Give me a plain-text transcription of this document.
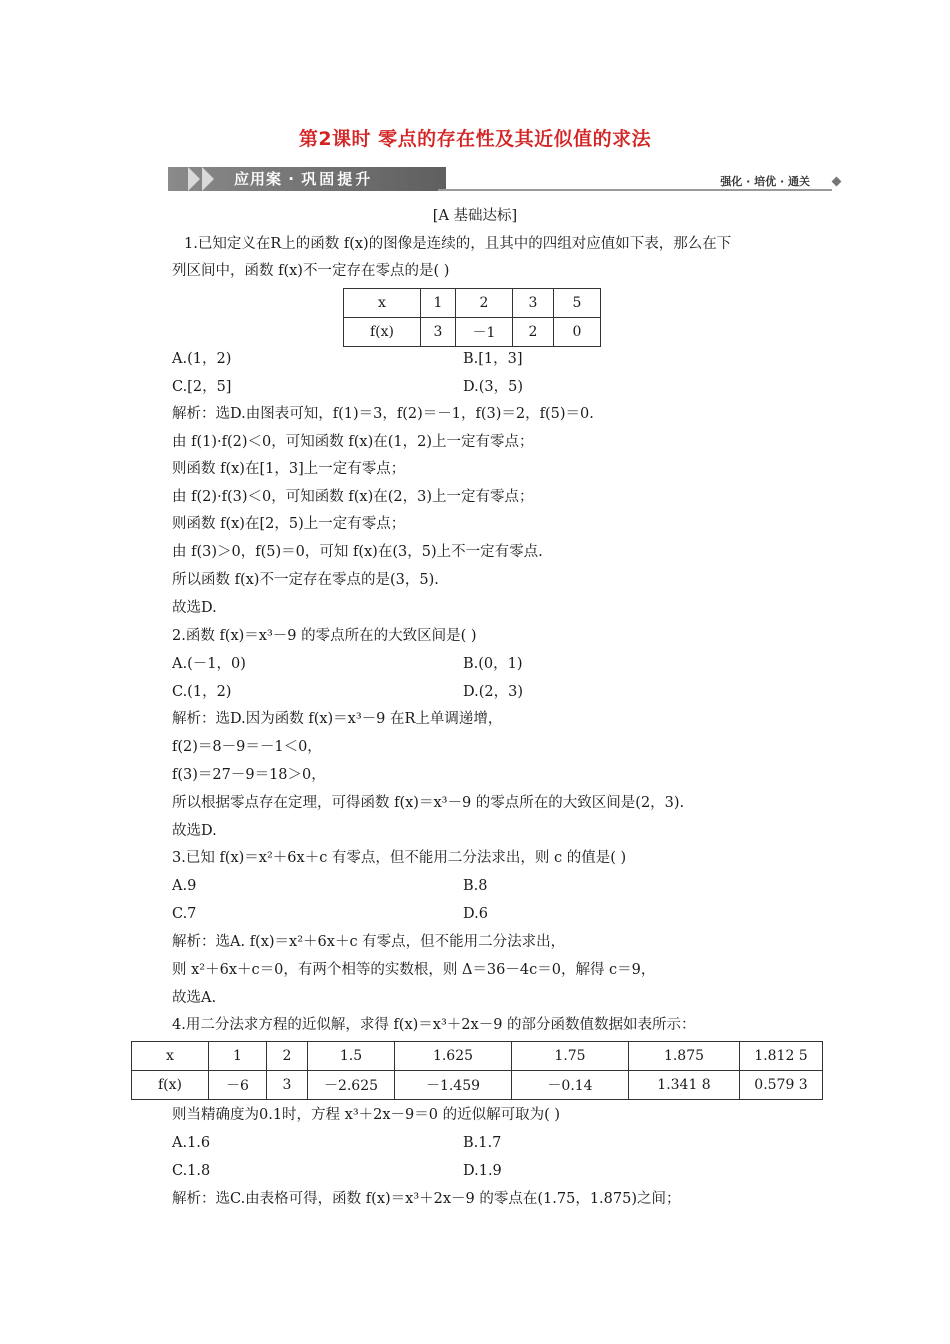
第2课时 零点的存在性及其近似值的求法
应用案 · 巩固提升	强化 · 培优 · 通关
[A 基础达标]
1.已知定义在R上的函数 f(x)的图像是连续的，且其中的四组对应值如下表，那么在下
列区间中，函数 f(x)不一定存在零点的是( )
x	1	2	3	5
f(x)	3	－1	2	0
A.(1，2)	B.[1，3]
C.[2，5]	D.(3，5)
解析：选D.由图表可知，f(1)＝3，f(2)＝－1，f(3)＝2，f(5)＝0.
由 f(1)·f(2)＜0，可知函数 f(x)在(1，2)上一定有零点；
则函数 f(x)在[1，3]上一定有零点；
由 f(2)·f(3)＜0，可知函数 f(x)在(2，3)上一定有零点；
则函数 f(x)在[2，5)上一定有零点；
由 f(3)＞0，f(5)＝0，可知 f(x)在(3，5)上不一定有零点.
所以函数 f(x)不一定存在零点的是(3，5).
故选D.
2.函数 f(x)＝x³－9 的零点所在的大致区间是( )
A.(－1，0)	B.(0，1)
C.(1，2)	D.(2，3)
解析：选D.因为函数 f(x)＝x³－9 在R上单调递增，
f(2)＝8－9＝－1＜0，
f(3)＝27－9＝18＞0，
所以根据零点存在定理，可得函数 f(x)＝x³－9 的零点所在的大致区间是(2，3).
故选D.
3.已知 f(x)＝x²＋6x＋c 有零点，但不能用二分法求出，则 c 的值是( )
A.9	B.8
C.7	D.6
解析：选A. f(x)＝x²＋6x＋c 有零点，但不能用二分法求出，
则 x²＋6x＋c＝0，有两个相等的实数根，则 Δ＝36－4c＝0，解得 c＝9，
故选A.
4.用二分法求方程的近似解，求得 f(x)＝x³＋2x－9 的部分函数值数据如表所示：
x	1	2	1.5	1.625	1.75	1.875	1.812 5
f(x)	－6	3	－2.625	－1.459	－0.14	1.341 8	0.579 3
则当精确度为0.1时，方程 x³＋2x－9＝0 的近似解可取为( )
A.1.6	B.1.7
C.1.8	D.1.9
解析：选C.由表格可得，函数 f(x)＝x³＋2x－9 的零点在(1.75，1.875)之间；
